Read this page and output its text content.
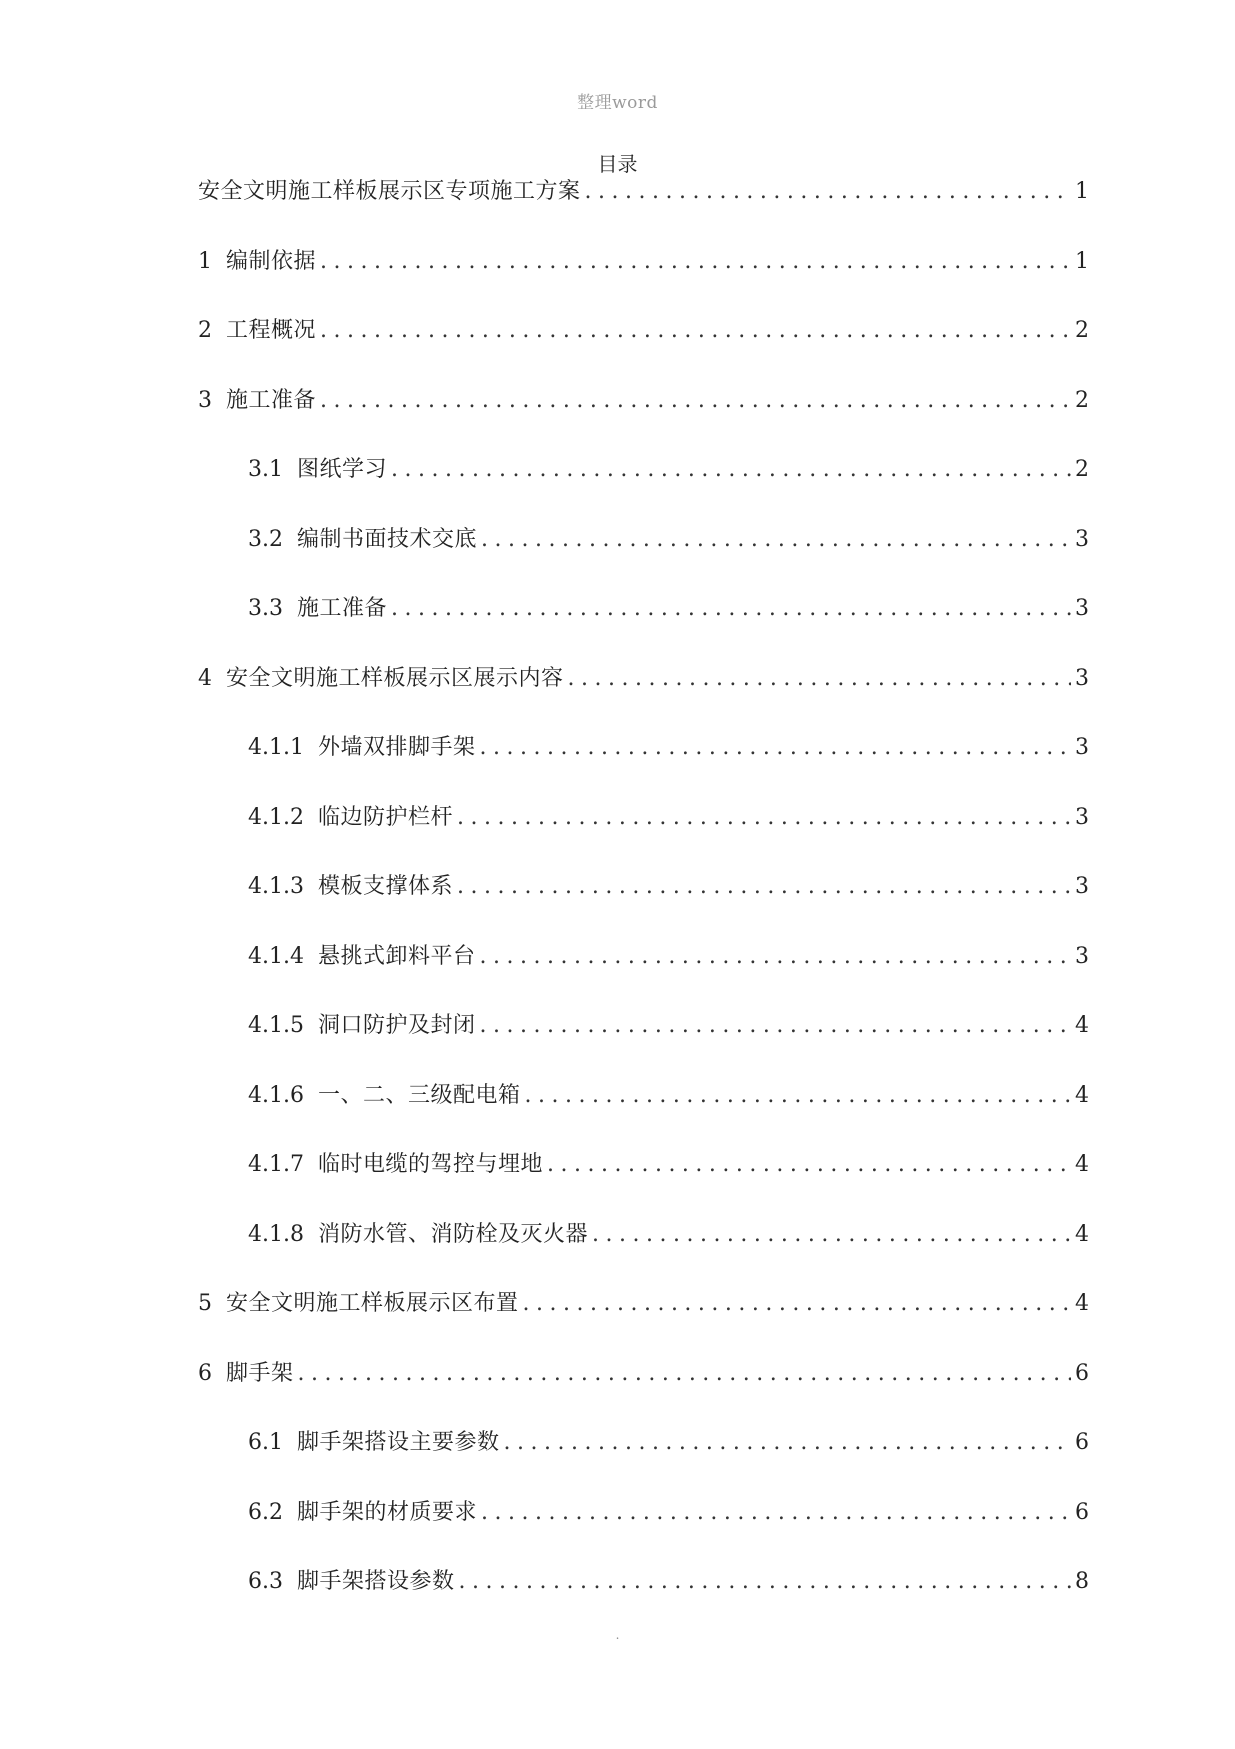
整理word
目录
安全文明施工样板展示区专项施工方案 .....	1
1 编制依据 .....	1
2 工程概况 .....	2
3 施工准备 .....	2
3.1 图纸学习 .....	2
3.2 编制书面技术交底 .....	3
3.3 施工准备 .....	3
4 安全文明施工样板展示区展示内容 .....	3
4.1.1 外墙双排脚手架 .....	3
4.1.2 临边防护栏杆 .....	3
4.1.3 模板支撑体系 .....	3
4.1.4 悬挑式卸料平台 .....	3
4.1.5 洞口防护及封闭 .....	4
4.1.6 一、二、三级配电箱 .....	4
4.1.7 临时电缆的驾控与埋地 .....	4
4.1.8 消防水管、消防栓及灭火器 .....	4
5 安全文明施工样板展示区布置 .....	4
6 脚手架 .....	6
6.1 脚手架搭设主要参数 .....	6
6.2 脚手架的材质要求 .....	6
6.3 脚手架搭设参数 .....	8
.
